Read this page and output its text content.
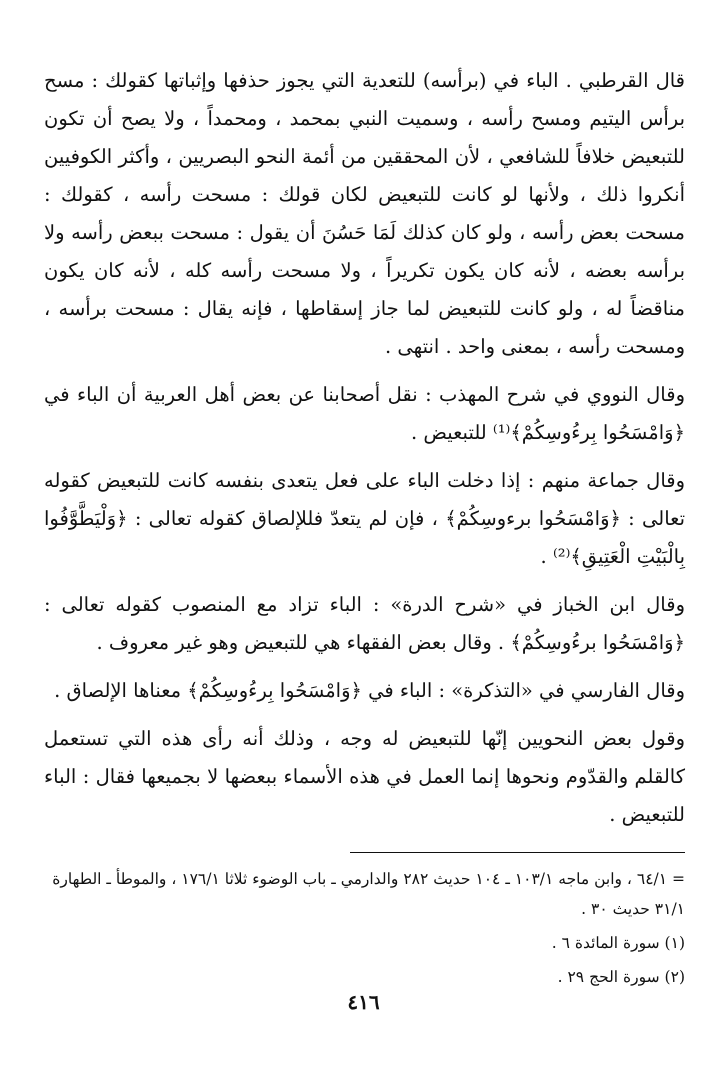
قال القرطبي . الباء في (برأسه) للتعدية التي يجوز حذفها وإثباتها كقولك : مسح برأس اليتيم ومسح رأسه ، وسميت النبي بمحمد ، ومحمداً ، ولا يصح أن تكون للتبعيض خلافاً للشافعي ، لأن المحققين من أئمة النحو البصريين ، وأكثر الكوفيين أنكروا ذلك ، ولأنها لو كانت للتبعيض لكان قولك : مسحت رأسه ، كقولك : مسحت بعض رأسه ، ولو كان كذلك لَمَا حَسُنَ أن يقول : مسحت ببعض رأسه ولا برأسه بعضه ، لأنه كان يكون تكريراً ، ولا مسحت رأسه كله ، لأنه كان يكون مناقضاً له ، ولو كانت للتبعيض لما جاز إسقاطها ، فإنه يقال : مسحت برأسه ، ومسحت رأسه ، بمعنى واحد . انتهى .

وقال النووي في شرح المهذب : نقل أصحابنا عن بعض أهل العربية أن الباء في ﴿وَامْسَحُوا بِرءُوسِكُمْ﴾⁽¹⁾ للتبعيض .

وقال جماعة منهم : إذا دخلت الباء على فعل يتعدى بنفسه كانت للتبعيض كقوله تعالى : ﴿وَامْسَحُوا برءوسِكُمْ﴾ ، فإن لم يتعدّ فللإلصاق كقوله تعالى : ﴿وَلْيَطَّوَّفُوا بِالْبَيْتِ الْعَتِيقِ﴾⁽²⁾ .

وقال ابن الخباز في «شرح الدرة» : الباء تزاد مع المنصوب كقوله تعالى : ﴿وَامْسَحُوا برءُوسِكُمْ﴾ . وقال بعض الفقهاء هي للتبعيض وهو غير معروف .

وقال الفارسي في «التذكرة» : الباء في ﴿وَامْسَحُوا بِرءُوسِكُمْ﴾ معناها الإلصاق .

وقول بعض النحويين إنّها للتبعيض له وجه ، وذلك أنه رأى هذه التي تستعمل كالقلم والقدّوم ونحوها إنما العمل في هذه الأسماء ببعضها لا بجميعها فقال : الباء للتبعيض .

= ٦٤/١ ، وابن ماجه ١٠٣/١ ـ ١٠٤ حديث ٢٨٢ والدارمي ـ باب الوضوء ثلاثا ١٧٦/١ ، والموطأ ـ الطهارة ٣١/١ حديث ٣٠ .

(١) سورة المائدة ٦ .

(٢) سورة الحج ٢٩ .

٤١٦
